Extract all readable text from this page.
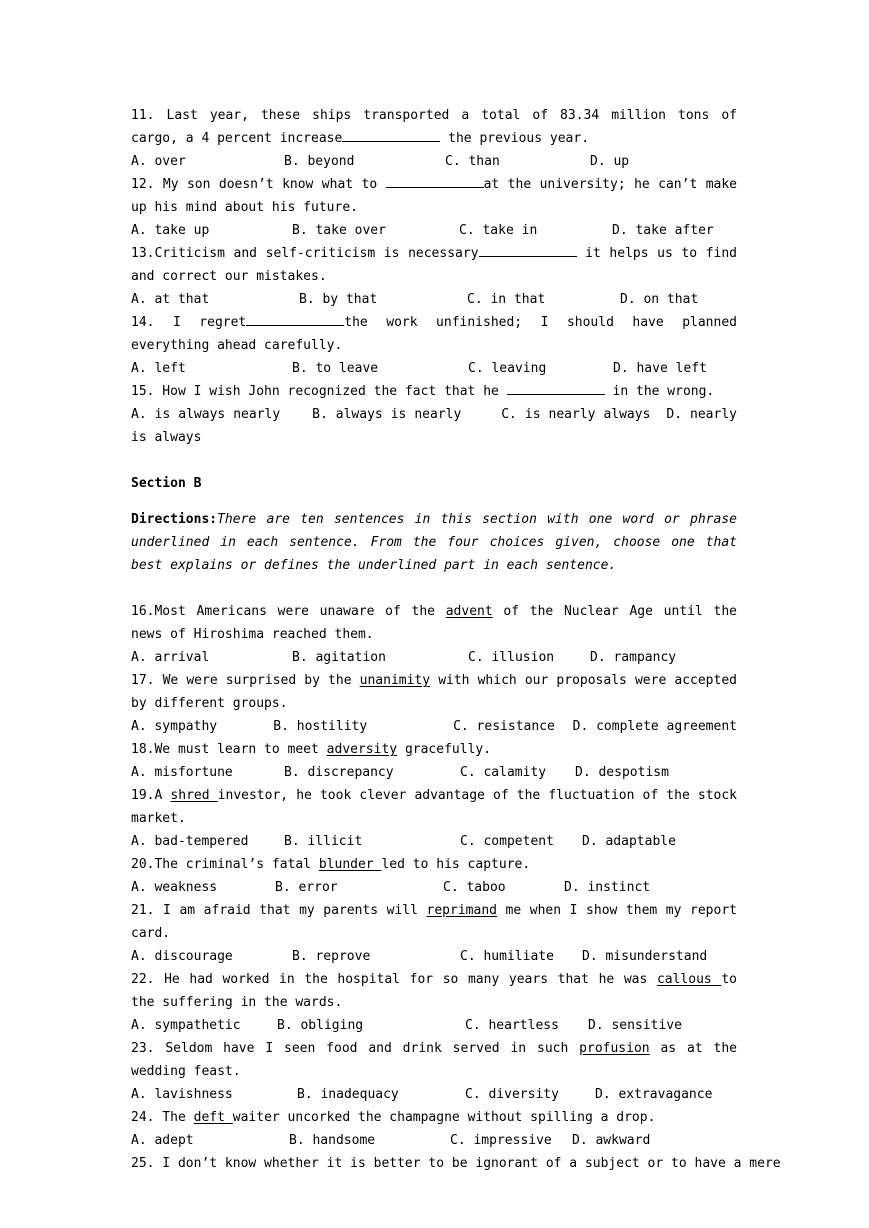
11. Last year, these ships transported a total of 83.34 million tons of cargo, a 4 percent increase	the previous year.

A. over	B. beyond	C. than	D. up

12. My son doesn’t know what to	at the university; he can’t make up his mind about his future.

A. take up	B. take over	C. take in	D. take after

13.Criticism and self-criticism is necessary	it helps us to find and correct our mistakes.

A. at that	B. by that	C. in that	D. on that

14. I regret	the work unfinished; I should have planned everything ahead carefully.

A. left	B. to leave	C. leaving	D. have left

15. How I wish John recognized the fact that he	in the wrong.

A. is always nearly B. always is nearly	C. is nearly always D. nearly is always

Section B

Directions:There are ten sentences in this section with one word or phrase underlined in each sentence. From the four choices given, choose one that best explains or defines the underlined part in each sentence.

16.Most Americans were unaware of the advent of the Nuclear Age until the news of Hiroshima reached them.

A. arrival	B. agitation	C. illusion	D. rampancy

17. We were surprised by the unanimity with which our proposals were accepted by different groups.

A. sympathy	B. hostility	C. resistance	D. complete agreement

18.We must learn to meet adversity gracefully.

A. misfortune	B. discrepancy	C. calamity	D. despotism

19.A shred investor, he took clever advantage of the fluctuation of the stock market.

A. bad-tempered	B. illicit	C. competent	D. adaptable

20.The criminal’s fatal blunder led to his capture.

A. weakness	B. error	C. taboo	D. instinct

21. I am afraid that my parents will reprimand me when I show them my report card.

A. discourage	B. reprove	C. humiliate	D. misunderstand

22. He had worked in the hospital for so many years that he was callous to the suffering in the wards.

A. sympathetic	B. obliging	C. heartless	D. sensitive

23. Seldom have I seen food and drink served in such profusion as at the wedding feast.

A. lavishness	B. inadequacy	C. diversity	D. extravagance

24. The deft waiter uncorked the champagne without spilling a drop.

A. adept	B. handsome	C. impressive	D. awkward

25. I don’t know whether it is better to be ignorant of a subject or to have a mere
